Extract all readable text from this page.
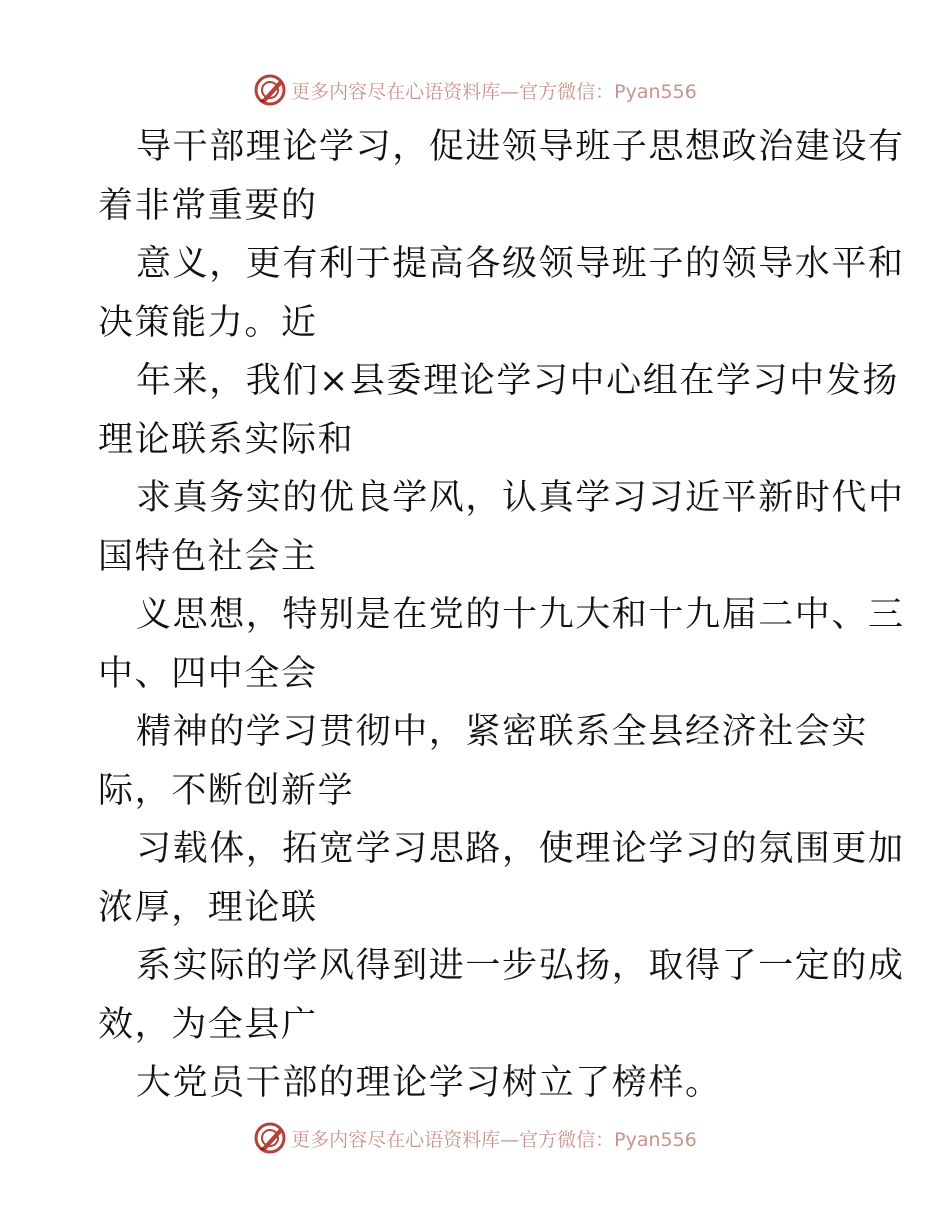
更多内容尽在心语资料库— 官方微信：Pyan556
导干部理论学习，促进领导班子思想政治建设有
着非常重要的
意义，更有利于提高各级领导班子的领导水平和
决策能力。近
年来，我们×县委理论学习中心组在学习中发扬
理论联系实际和
求真务实的优良学风，认真学习习近平新时代中
国特色社会主
义思想，特别是在党的十九大和十九届二中、三
中、四中全会
精神的学习贯彻中，紧密联系全县经济社会实
际，不断创新学
习载体，拓宽学习思路，使理论学习的氛围更加
浓厚，理论联
系实际的学风得到进一步弘扬，取得了一定的成
效，为全县广
大党员干部的理论学习树立了榜样。
更多内容尽在心语资料库— 官方微信：Pyan556
